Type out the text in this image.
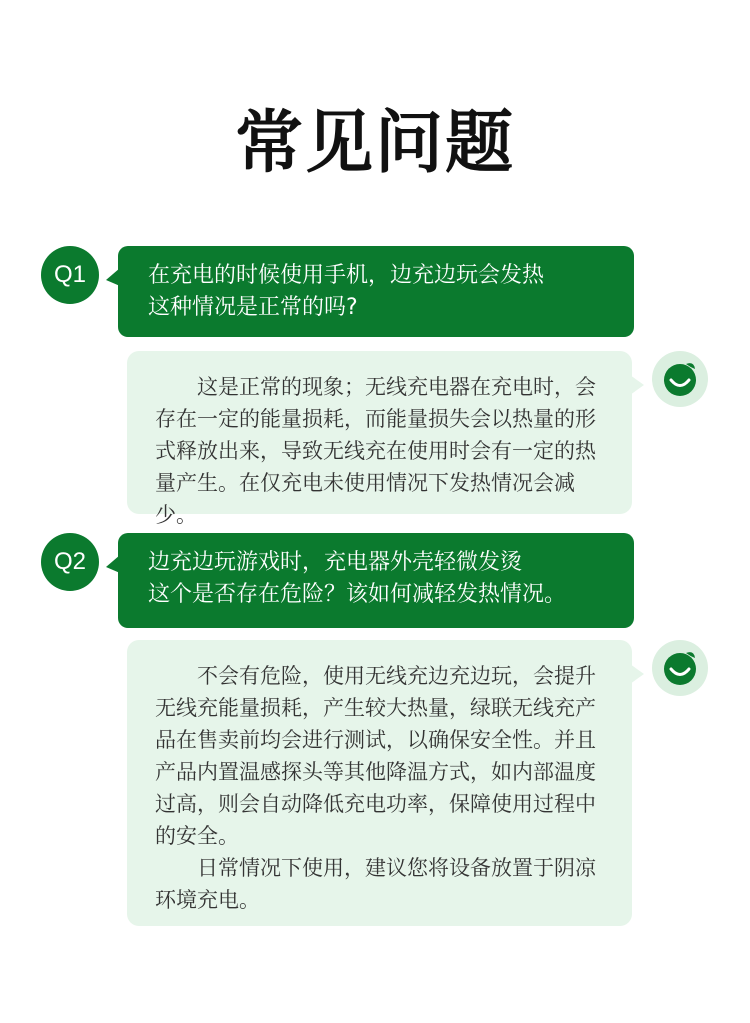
常见问题
Q1	在充电的时候使用手机，边充边玩会发热
这种情况是正常的吗?

这是正常的现象；无线充电器在充电时，会存在一定的能量损耗，而能量损失会以热量的形式释放出来，导致无线充在使用时会有一定的热量产生。在仅充电未使用情况下发热情况会减少。

Q2	边充边玩游戏时，充电器外壳轻微发烫
这个是否存在危险？该如何减轻发热情况。

不会有危险，使用无线充边充边玩，会提升无线充能量损耗，产生较大热量，绿联无线充产品在售卖前均会进行测试，以确保安全性。并且产品内置温感探头等其他降温方式，如内部温度过高，则会自动降低充电功率，保障使用过程中的安全。

日常情况下使用，建议您将设备放置于阴凉环境充电。
